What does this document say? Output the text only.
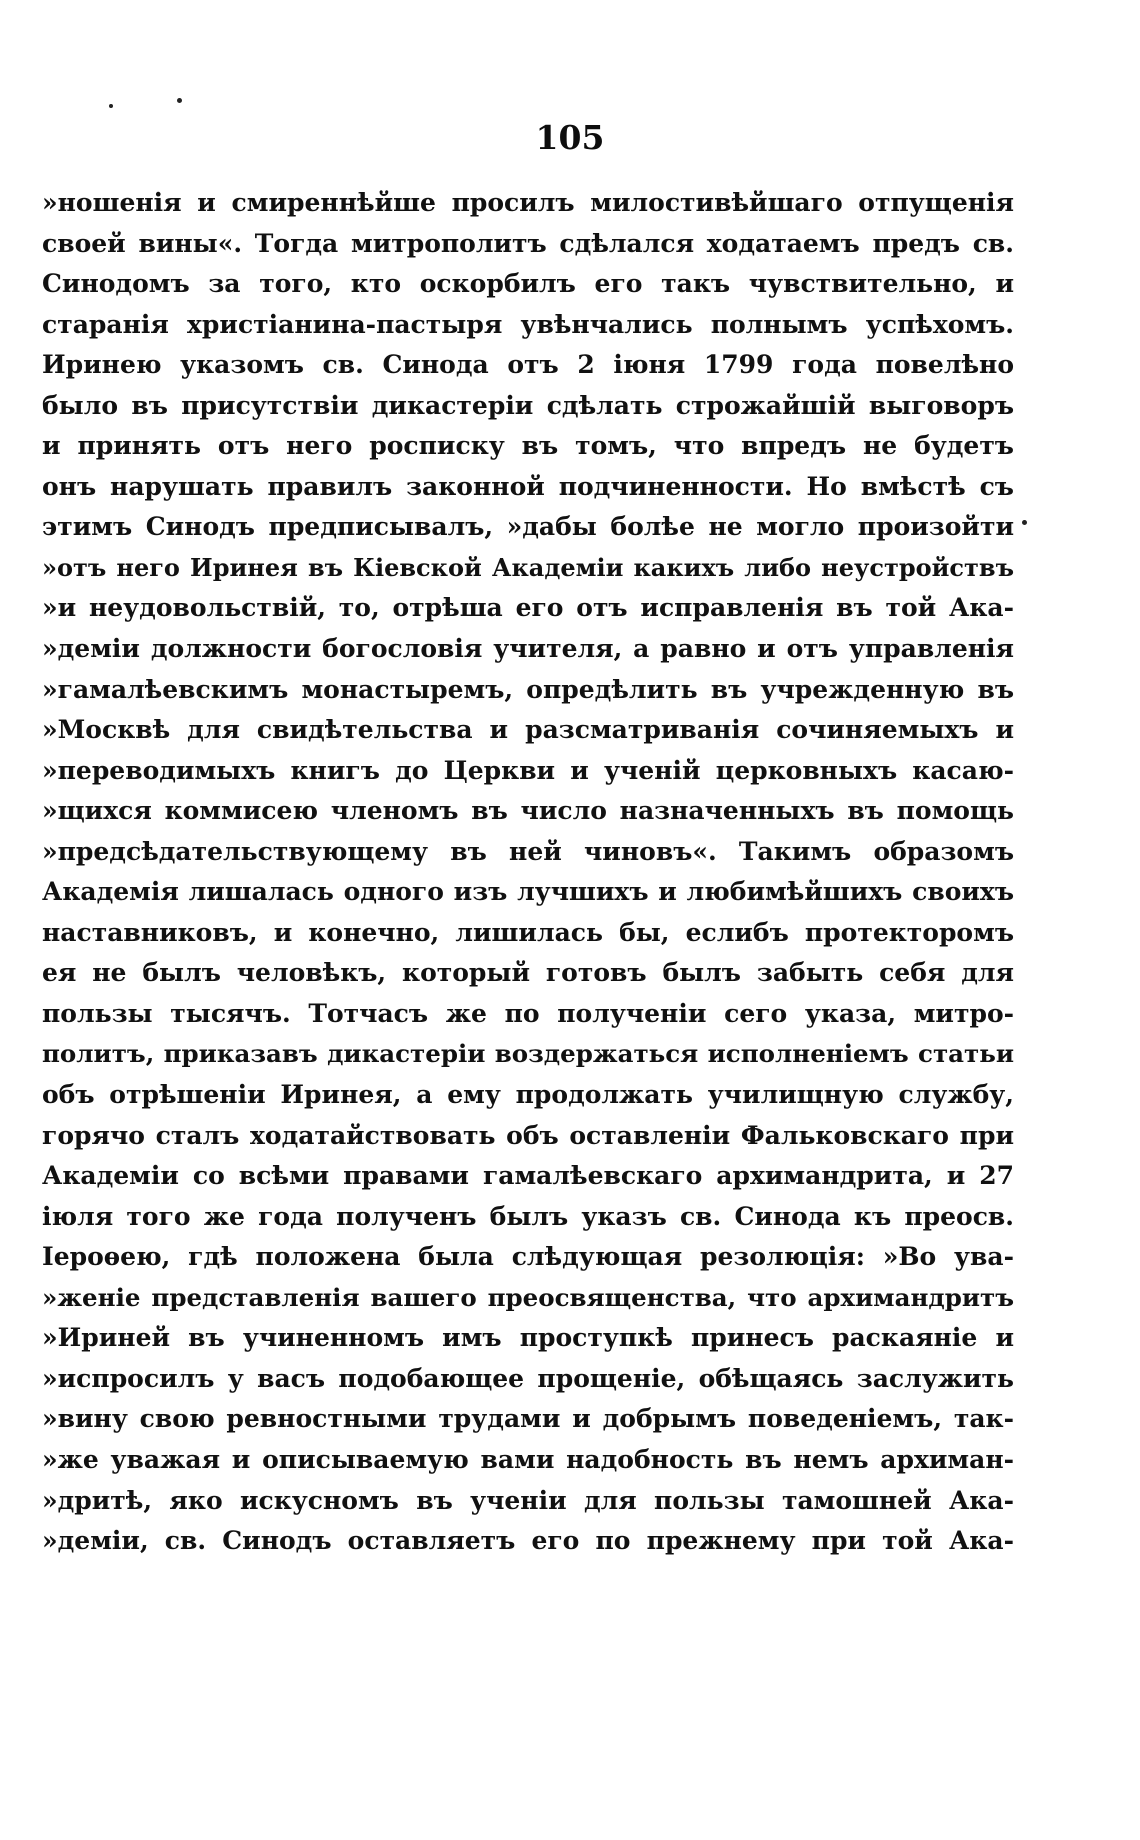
105
»ношенія и смиреннѣйше просилъ милостивѣйшаго отпущенія
своей вины«. Тогда митрополитъ сдѣлался ходатаемъ предъ св.
Синодомъ за того, кто оскорбилъ его такъ чувствительно, и
старанія христіанина-пастыря увѣнчались полнымъ успѣхомъ.
Иринею указомъ св. Синода отъ 2 іюня 1799 года повелѣно
было въ присутствіи дикастеріи сдѣлать строжайшій выговоръ
и принять отъ него росписку въ томъ, что впредъ не будетъ
онъ нарушать правилъ законной подчиненности. Но вмѣстѣ съ
этимъ Синодъ предписывалъ, »дабы болѣе не могло произойти
»отъ него Иринея въ Кіевской Академіи какихъ либо неустройствъ
»и неудовольствій, то, отрѣша его отъ исправленія въ той Ака-
»деміи должности богословія учителя, а равно и отъ управленія
»гамалѣевскимъ монастыремъ, опредѣлить въ учрежденную въ
»Москвѣ для свидѣтельства и разсматриванія сочиняемыхъ и
»переводимыхъ книгъ до Церкви и ученій церковныхъ касаю-
»щихся коммисею членомъ въ число назначенныхъ въ помощь
»предсѣдательствующему въ ней чиновъ«. Такимъ образомъ
Академія лишалась одного изъ лучшихъ и любимѣйшихъ своихъ
наставниковъ, и конечно, лишилась бы, еслибъ протекторомъ
ея не былъ человѣкъ, который готовъ былъ забыть себя для
пользы тысячъ. Тотчасъ же по полученіи сего указа, митро-
политъ, приказавъ дикастеріи воздержаться исполненіемъ статьи
объ отрѣшеніи Иринея, а ему продолжать училищную службу,
горячо сталъ ходатайствовать объ оставленіи Фальковскаго при
Академіи со всѣми правами гамалѣевскаго архимандрита, и 27
іюля того же года полученъ былъ указъ св. Синода къ преосв.
Іероѳею, гдѣ положена была слѣдующая резолюція: »Во ува-
»женіе представленія вашего преосвященства, что архимандритъ
»Ириней въ учиненномъ имъ проступкѣ принесъ раскаяніе и
»испросилъ у васъ подобающее прощеніе, обѣщаясь заслужить
»вину свою ревностными трудами и добрымъ поведеніемъ, так-
»же уважая и описываемую вами надобность въ немъ архиман-
»дритѣ, яко искусномъ въ ученіи для пользы тамошней Ака-
»деміи, св. Синодъ оставляетъ его по прежнему при той Ака-
